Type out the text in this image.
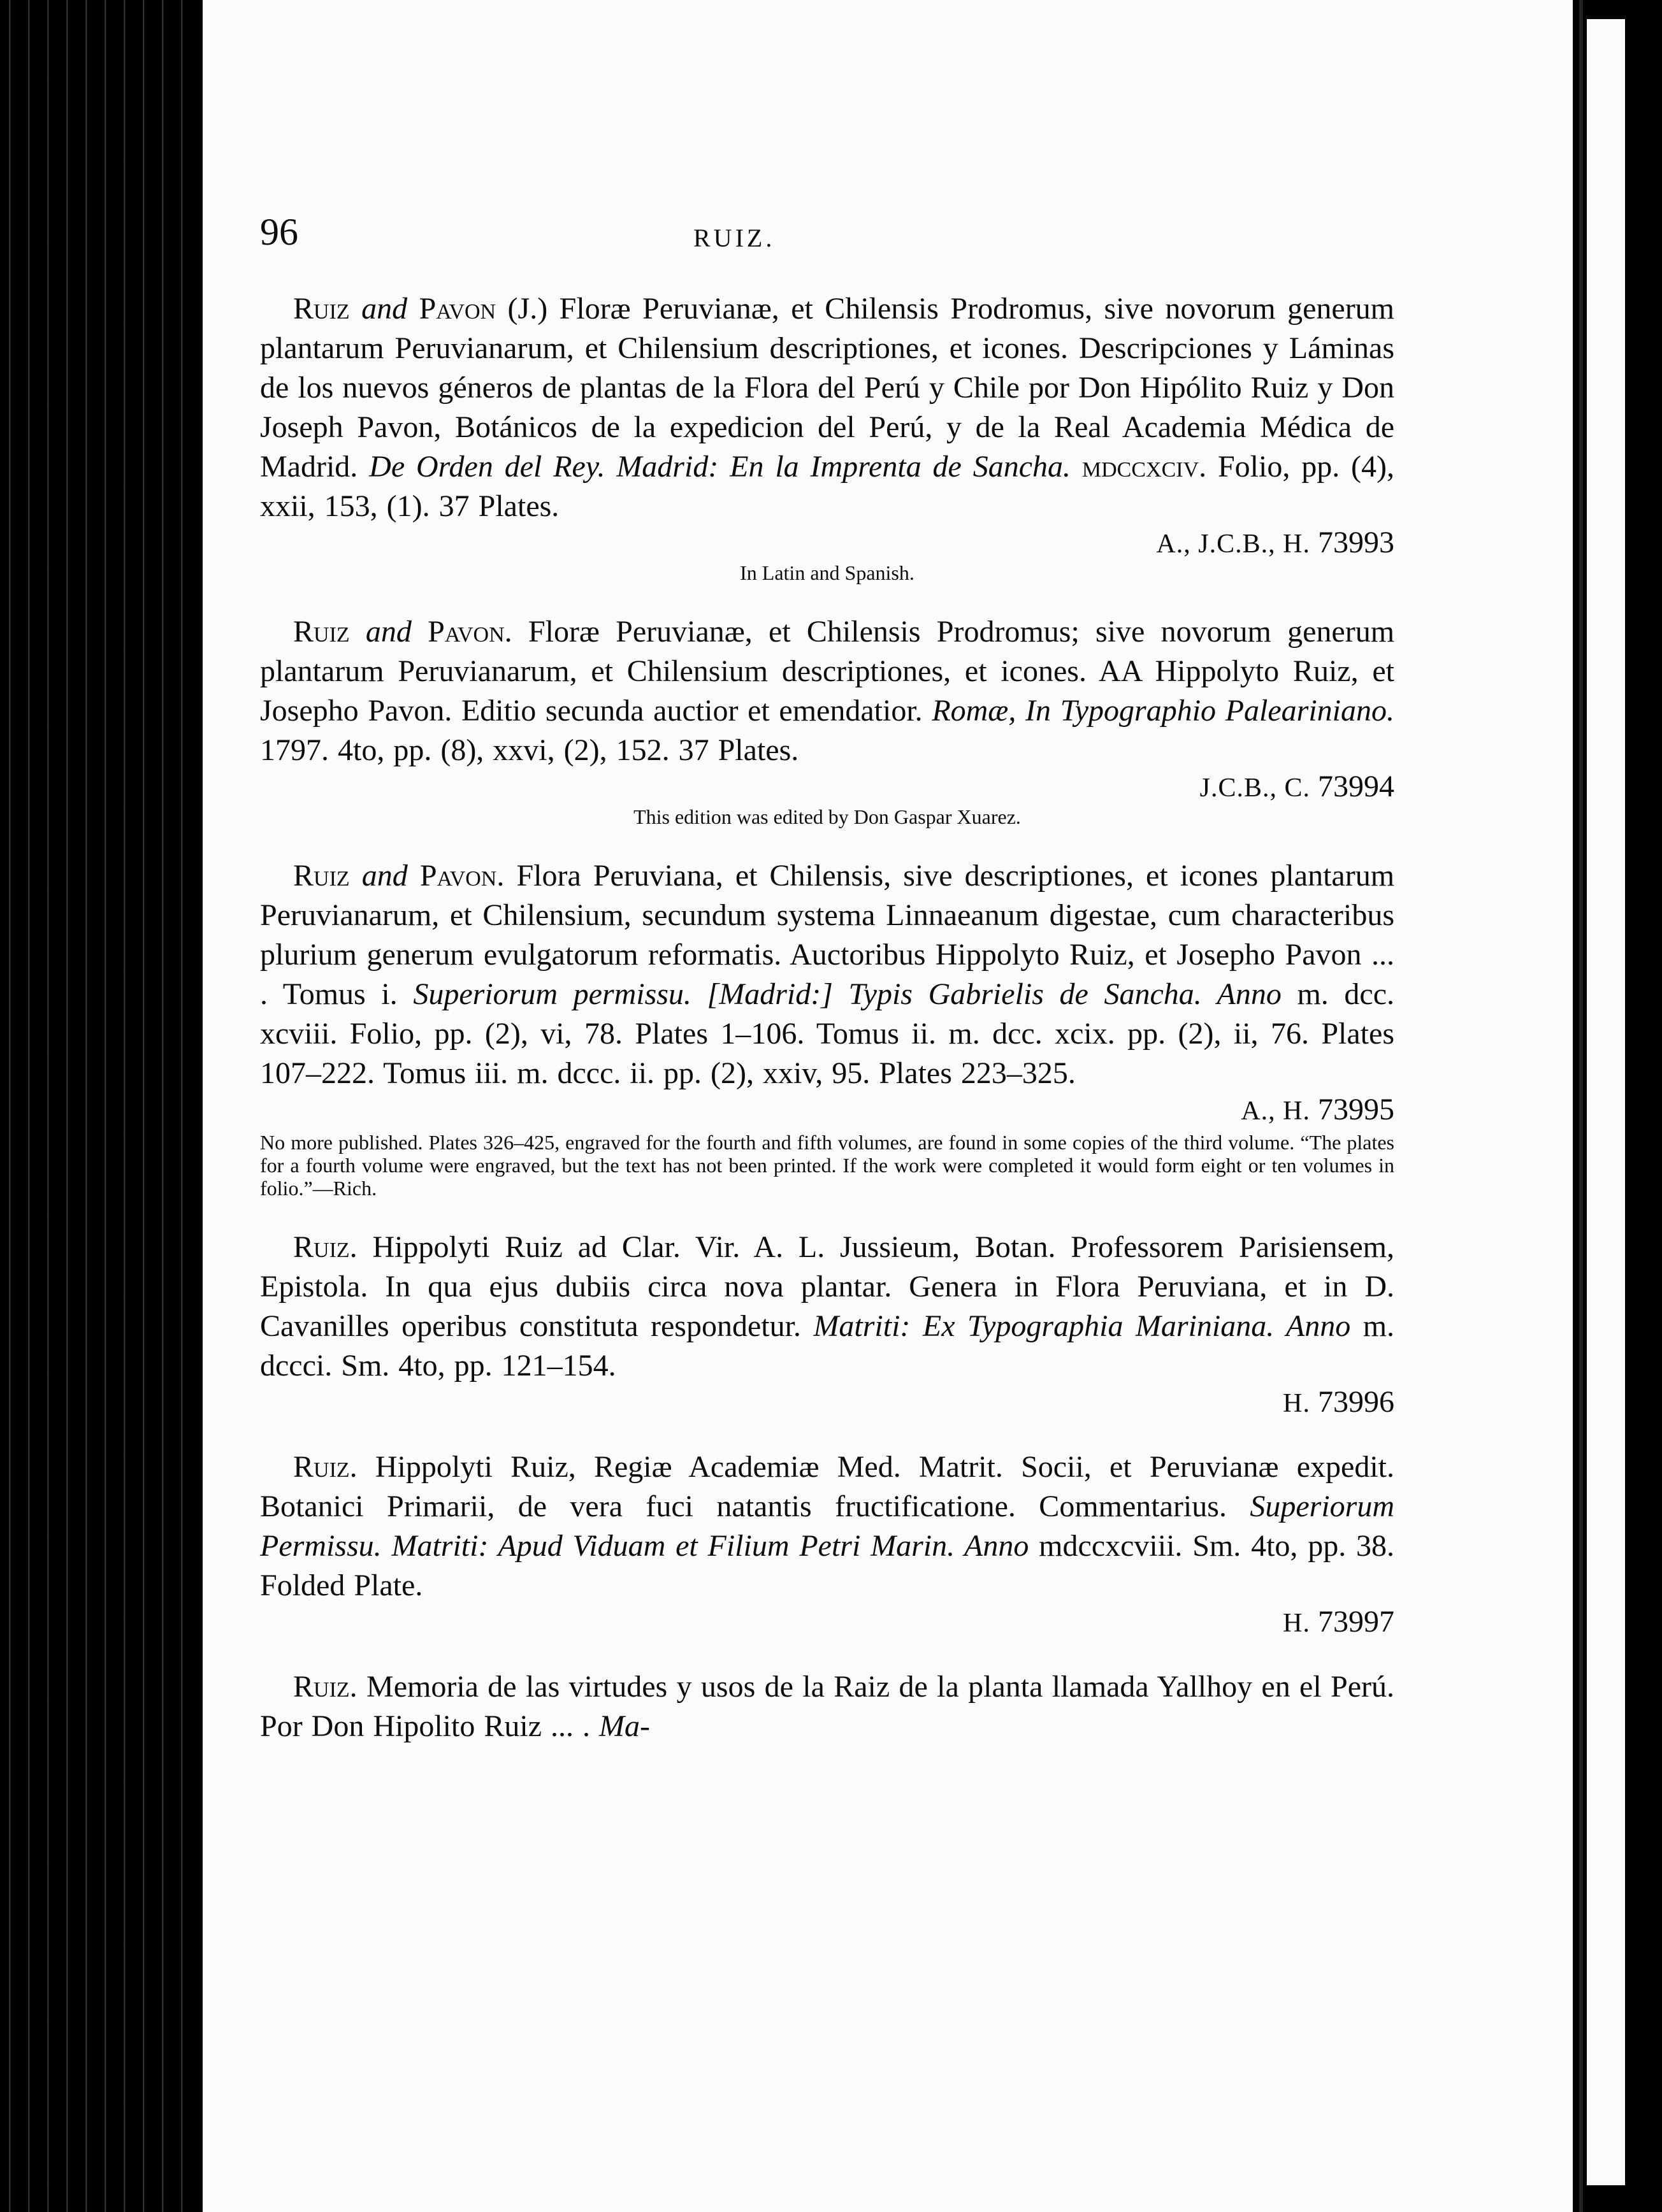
96	RUIZ.

Ruiz and Pavon (J.) Floræ Peruvianæ, et Chilensis Prodromus, sive novorum generum plantarum Peruvianarum, et Chilensium descriptiones, et icones. Descripciones y Láminas de los nuevos géneros de plantas de la Flora del Perú y Chile por Don Hipólito Ruiz y Don Joseph Pavon, Botánicos de la expedicion del Perú, y de la Real Academia Médica de Madrid. De Orden del Rey. Madrid: En la Imprenta de Sancha. mdccxciv. Folio, pp. (4), xxii, 153, (1). 37 Plates.

A., J.C.B., H. 73993
In Latin and Spanish.

Ruiz and Pavon. Floræ Peruvianæ, et Chilensis Prodromus; sive novorum generum plantarum Peruvianarum, et Chilensium descriptiones, et icones. AA Hippolyto Ruiz, et Josepho Pavon. Editio secunda auctior et emendatior. Romæ, In Typographio Paleariniano. 1797. 4to, pp. (8), xxvi, (2), 152. 37 Plates.

J.C.B., C. 73994
This edition was edited by Don Gaspar Xuarez.

Ruiz and Pavon. Flora Peruviana, et Chilensis, sive descriptiones, et icones plantarum Peruvianarum, et Chilensium, secundum systema Linnaeanum digestae, cum characteribus plurium generum evulgatorum reformatis. Auctoribus Hippolyto Ruiz, et Josepho Pavon ... . Tomus i. Superiorum permissu. [Madrid:] Typis Gabrielis de Sancha. Anno m. dcc. xcviii. Folio, pp. (2), vi, 78. Plates 1–106. Tomus ii. m. dcc. xcix. pp. (2), ii, 76. Plates 107–222. Tomus iii. m. dccc. ii. pp. (2), xxiv, 95. Plates 223–325.

A., H. 73995
No more published. Plates 326–425, engraved for the fourth and fifth volumes, are found in some copies of the third volume. “The plates for a fourth volume were engraved, but the text has not been printed. If the work were completed it would form eight or ten volumes in folio.”—Rich.

Ruiz. Hippolyti Ruiz ad Clar. Vir. A. L. Jussieum, Botan. Professorem Parisiensem, Epistola. In qua ejus dubiis circa nova plantar. Genera in Flora Peruviana, et in D. Cavanilles operibus constituta respondetur. Matriti: Ex Typographia Mariniana. Anno m. dccci. Sm. 4to, pp. 121–154.

H. 73996

Ruiz. Hippolyti Ruiz, Regiæ Academiæ Med. Matrit. Socii, et Peruvianæ expedit. Botanici Primarii, de vera fuci natantis fructificatione. Commentarius. Superiorum Permissu. Matriti: Apud Viduam et Filium Petri Marin. Anno mdccxcviii. Sm. 4to, pp. 38. Folded Plate.

H. 73997

Ruiz. Memoria de las virtudes y usos de la Raiz de la planta llamada Yallhoy en el Perú. Por Don Hipolito Ruiz ... . Ma-
